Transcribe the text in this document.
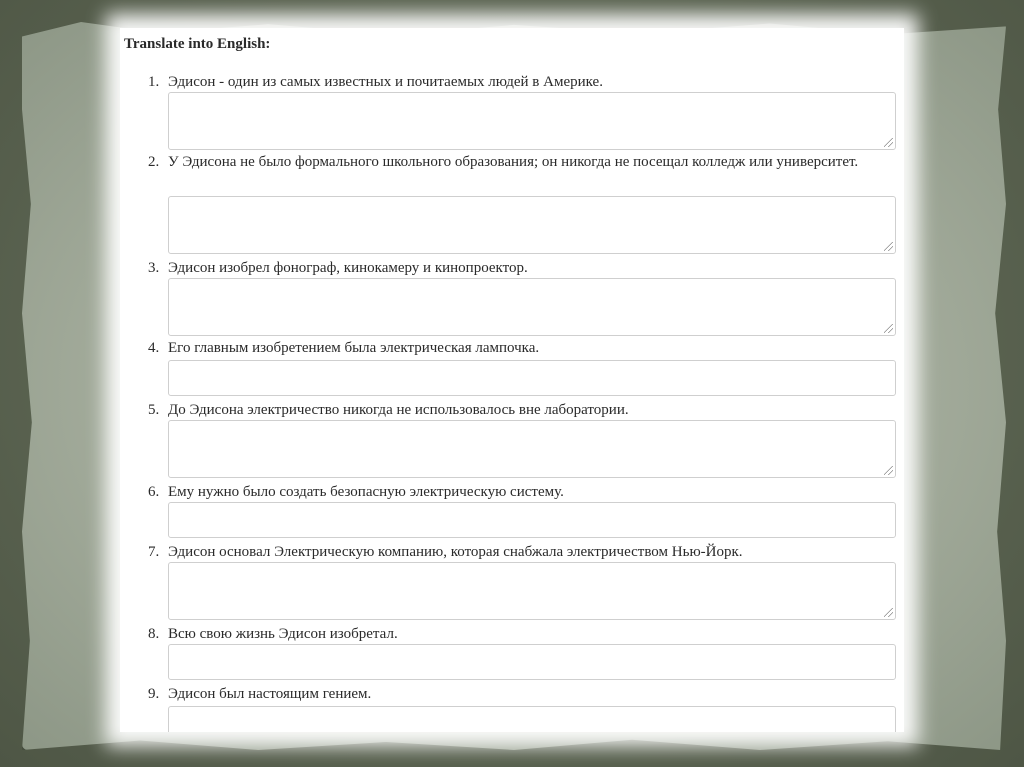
Translate into English:
1. Эдисон - один из самых известных и почитаемых людей в Америке.
2. У Эдисона не было формального школьного образования; он никогда не посещал колледж или университет.
3. Эдисон изобрел фонограф, кинокамеру и кинопроектор.
4. Его главным изобретением была электрическая лампочка.
5. До Эдисона электричество никогда не использовалось вне лаборатории.
6. Ему нужно было создать безопасную электрическую систему.
7. Эдисон основал Электрическую компанию, которая снабжала электричеством Нью-Йорк.
8. Всю свою жизнь Эдисон изобретал.
9. Эдисон был настоящим гением.
